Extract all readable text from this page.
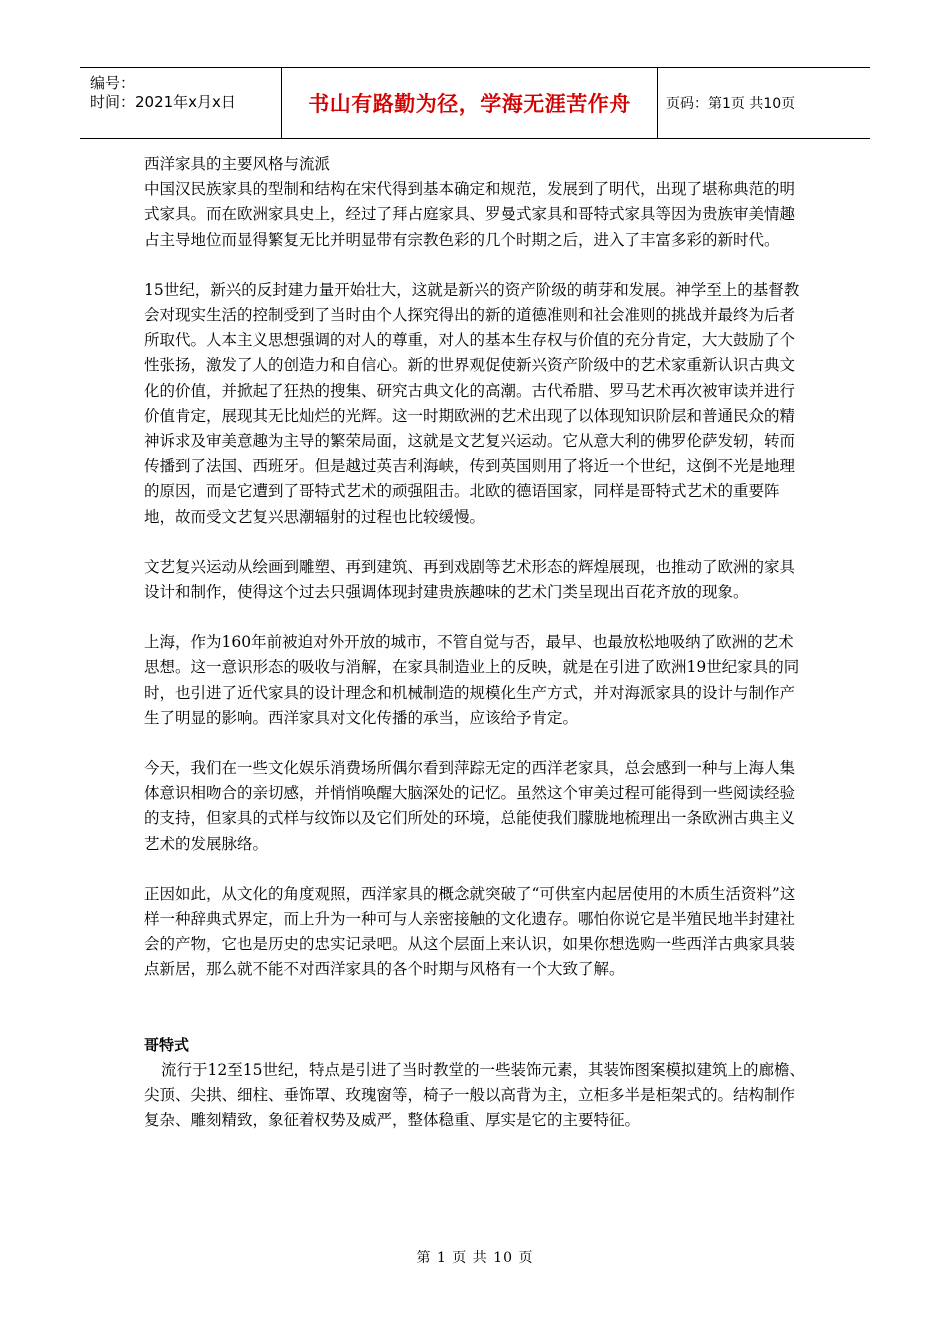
编号：
时间：2021年x月x日	书山有路勤为径，学海无涯苦作舟	页码：第1页 共10页

西洋家具的主要风格与流派

中国汉民族家具的型制和结构在宋代得到基本确定和规范，发展到了明代，出现了堪称典范的明式家具。而在欧洲家具史上，经过了拜占庭家具、罗曼式家具和哥特式家具等因为贵族审美情趣占主导地位而显得繁复无比并明显带有宗教色彩的几个时期之后，进入了丰富多彩的新时代。

15世纪，新兴的反封建力量开始壮大，这就是新兴的资产阶级的萌芽和发展。神学至上的基督教会对现实生活的控制受到了当时由个人探究得出的新的道德准则和社会准则的挑战并最终为后者所取代。人本主义思想强调的对人的尊重，对人的基本生存权与价值的充分肯定，大大鼓励了个性张扬，激发了人的创造力和自信心。新的世界观促使新兴资产阶级中的艺术家重新认识古典文化的价值，并掀起了狂热的搜集、研究古典文化的高潮。古代希腊、罗马艺术再次被审读并进行价值肯定，展现其无比灿烂的光辉。这一时期欧洲的艺术出现了以体现知识阶层和普通民众的精神诉求及审美意趣为主导的繁荣局面，这就是文艺复兴运动。它从意大利的佛罗伦萨发轫，转而传播到了法国、西班牙。但是越过英吉利海峡，传到英国则用了将近一个世纪，这倒不光是地理的原因，而是它遭到了哥特式艺术的顽强阻击。北欧的德语国家，同样是哥特式艺术的重要阵地，故而受文艺复兴思潮辐射的过程也比较缓慢。

文艺复兴运动从绘画到雕塑、再到建筑、再到戏剧等艺术形态的辉煌展现，也推动了欧洲的家具设计和制作，使得这个过去只强调体现封建贵族趣味的艺术门类呈现出百花齐放的现象。

上海，作为160年前被迫对外开放的城市，不管自觉与否，最早、也最放松地吸纳了欧洲的艺术思想。这一意识形态的吸收与消解，在家具制造业上的反映，就是在引进了欧洲19世纪家具的同时，也引进了近代家具的设计理念和机械制造的规模化生产方式，并对海派家具的设计与制作产生了明显的影响。西洋家具对文化传播的承当，应该给予肯定。

今天，我们在一些文化娱乐消费场所偶尔看到萍踪无定的西洋老家具，总会感到一种与上海人集体意识相吻合的亲切感，并悄悄唤醒大脑深处的记忆。虽然这个审美过程可能得到一些阅读经验的支持，但家具的式样与纹饰以及它们所处的环境，总能使我们朦胧地梳理出一条欧洲古典主义艺术的发展脉络。

正因如此，从文化的角度观照，西洋家具的概念就突破了“可供室内起居使用的木质生活资料”这样一种辞典式界定，而上升为一种可与人亲密接触的文化遗存。哪怕你说它是半殖民地半封建社会的产物，它也是历史的忠实记录吧。从这个层面上来认识，如果你想选购一些西洋古典家具装点新居，那么就不能不对西洋家具的各个时期与风格有一个大致了解。

哥特式

流行于12至15世纪，特点是引进了当时教堂的一些装饰元素，其装饰图案模拟建筑上的廊檐、尖顶、尖拱、细柱、垂饰罩、玫瑰窗等，椅子一般以高背为主，立柜多半是柜架式的。结构制作复杂、雕刻精致，象征着权势及威严，整体稳重、厚实是它的主要特征。

第 1 页 共 10 页
